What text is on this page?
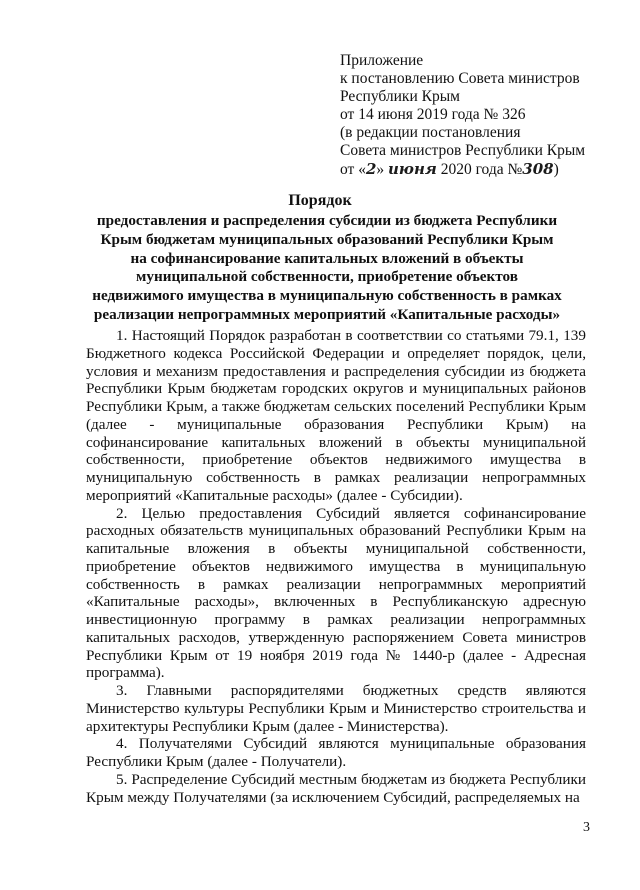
Приложение
к постановлению Совета министров
Республики Крым
от 14 июня 2019 года № 326
(в редакции постановления
Совета министров Республики Крым
от «2» июня 2020 года №308)
Порядок
предоставления и распределения субсидии из бюджета Республики Крым бюджетам муниципальных образований Республики Крым на софинансирование капитальных вложений в объекты муниципальной собственности, приобретение объектов недвижимого имущества в муниципальную собственность в рамках реализации непрограммных мероприятий «Капитальные расходы»

1. Настоящий Порядок разработан в соответствии со статьями 79.1, 139 Бюджетного кодекса Российской Федерации и определяет порядок, цели, условия и механизм предоставления и распределения субсидии из бюджета Республики Крым бюджетам городских округов и муниципальных районов Республики Крым, а также бюджетам сельских поселений Республики Крым (далее - муниципальные образования Республики Крым) на софинансирование капитальных вложений в объекты муниципальной собственности, приобретение объектов недвижимого имущества в муниципальную собственность в рамках реализации непрограммных мероприятий «Капитальные расходы» (далее - Субсидии).

2. Целью предоставления Субсидий является софинансирование расходных обязательств муниципальных образований Республики Крым на капитальные вложения в объекты муниципальной собственности, приобретение объектов недвижимого имущества в муниципальную собственность в рамках реализации непрограммных мероприятий «Капитальные расходы», включенных в Республиканскую адресную инвестиционную программу в рамках реализации непрограммных капитальных расходов, утвержденную распоряжением Совета министров Республики Крым от 19 ноября 2019 года № 1440-р (далее - Адресная программа).

3. Главными распорядителями бюджетных средств являются Министерство культуры Республики Крым и Министерство строительства и архитектуры Республики Крым (далее - Министерства).

4. Получателями Субсидий являются муниципальные образования Республики Крым (далее - Получатели).

5. Распределение Субсидий местным бюджетам из бюджета Республики Крым между Получателями (за исключением Субсидий, распределяемых на

3
